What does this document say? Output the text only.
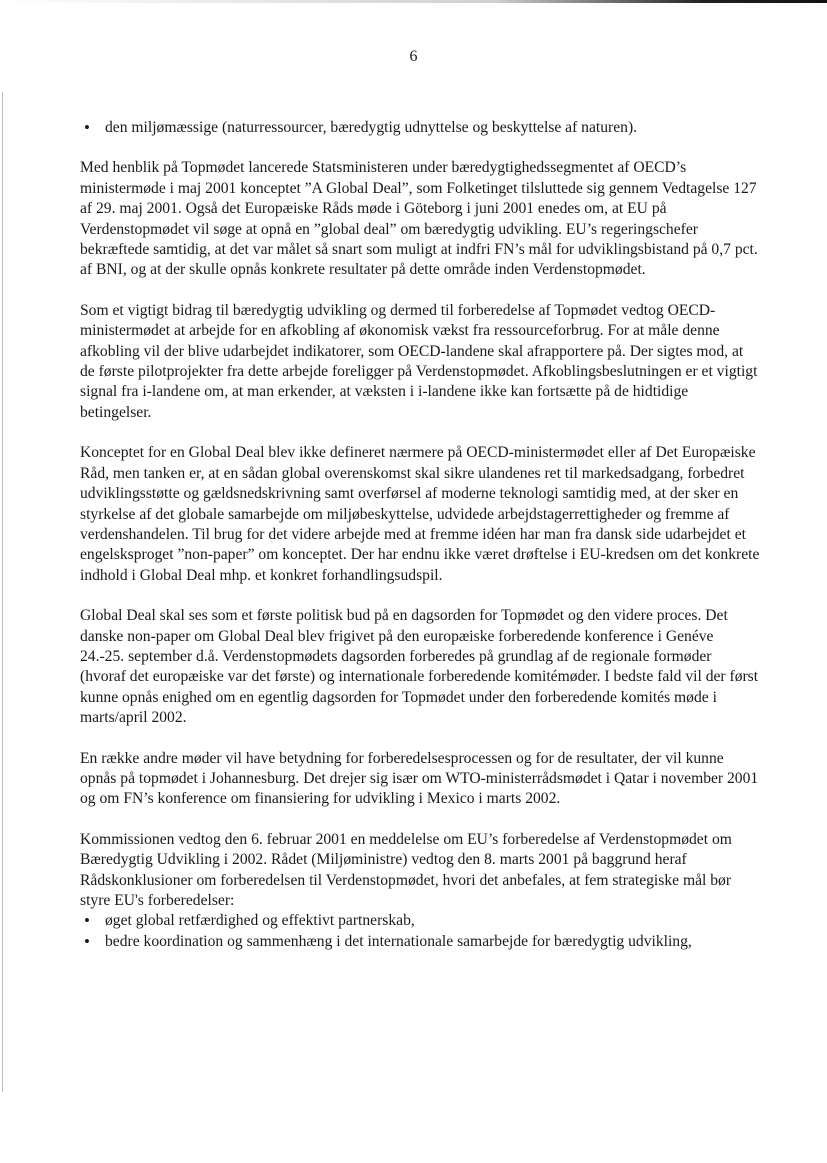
6
• den miljømæssige (naturressourcer, bæredygtig udnyttelse og beskyttelse af naturen).

Med henblik på Topmødet lancerede Statsministeren under bæredygtighedssegmentet af OECD’s ministermøde i maj 2001 konceptet ”A Global Deal”, som Folketinget tilsluttede sig gennem Vedtagelse 127 af 29. maj 2001. Også det Europæiske Råds møde i Göteborg i juni 2001 enedes om, at EU på Verdenstopmødet vil søge at opnå en ”global deal” om bæredygtig udvikling. EU’s regeringschefer bekræftede samtidig, at det var målet så snart som muligt at indfri FN’s mål for udviklingsbistand på 0,7 pct. af BNI, og at der skulle opnås konkrete resultater på dette område inden Verdenstopmødet.

Som et vigtigt bidrag til bæredygtig udvikling og dermed til forberedelse af Topmødet vedtog OECD-ministermødet at arbejde for en afkobling af økonomisk vækst fra ressourceforbrug. For at måle denne afkobling vil der blive udarbejdet indikatorer, som OECD-landene skal afrapportere på. Der sigtes mod, at de første pilotprojekter fra dette arbejde foreligger på Verdenstopmødet. Afkoblingsbeslutningen er et vigtigt signal fra i-landene om, at man erkender, at væksten i i-landene ikke kan fortsætte på de hidtidige betingelser.

Konceptet for en Global Deal blev ikke defineret nærmere på OECD-ministermødet eller af Det Europæiske Råd, men tanken er, at en sådan global overenskomst skal sikre ulandenes ret til markedsadgang, forbedret udviklingsstøtte og gældsnedskrivning samt overførsel af moderne teknologi samtidig med, at der sker en styrkelse af det globale samarbejde om miljøbeskyttelse, udvidede arbejdstagerrettigheder og fremme af verdenshandelen. Til brug for det videre arbejde med at fremme idéen har man fra dansk side udarbejdet et engelsksproget ”non-paper” om konceptet. Der har endnu ikke været drøftelse i EU-kredsen om det konkrete indhold i Global Deal mhp. et konkret forhandlingsudspil.

Global Deal skal ses som et første politisk bud på en dagsorden for Topmødet og den videre proces. Det danske non-paper om Global Deal blev frigivet på den europæiske forberedende konference i Genéve 24.-25. september d.å. Verdenstopmødets dagsorden forberedes på grundlag af de regionale formøder (hvoraf det europæiske var det første) og internationale forberedende komitémøder. I bedste fald vil der først kunne opnås enighed om en egentlig dagsorden for Topmødet under den forberedende komités møde i marts/april 2002.

En række andre møder vil have betydning for forberedelsesprocessen og for de resultater, der vil kunne opnås på topmødet i Johannesburg. Det drejer sig især om WTO-ministerrådsmødet i Qatar i november 2001 og om FN’s konference om finansiering for udvikling i Mexico i marts 2002.

Kommissionen vedtog den 6. februar 2001 en meddelelse om EU’s forberedelse af Verdenstopmødet om Bæredygtig Udvikling i 2002. Rådet (Miljøministre) vedtog den 8. marts 2001 på baggrund heraf Rådskonklusioner om forberedelsen til Verdenstopmødet, hvori det anbefales, at fem strategiske mål bør styre EU's forberedelser:

• øget global retfærdighed og effektivt partnerskab,
• bedre koordination og sammenhæng i det internationale samarbejde for bæredygtig udvikling,
